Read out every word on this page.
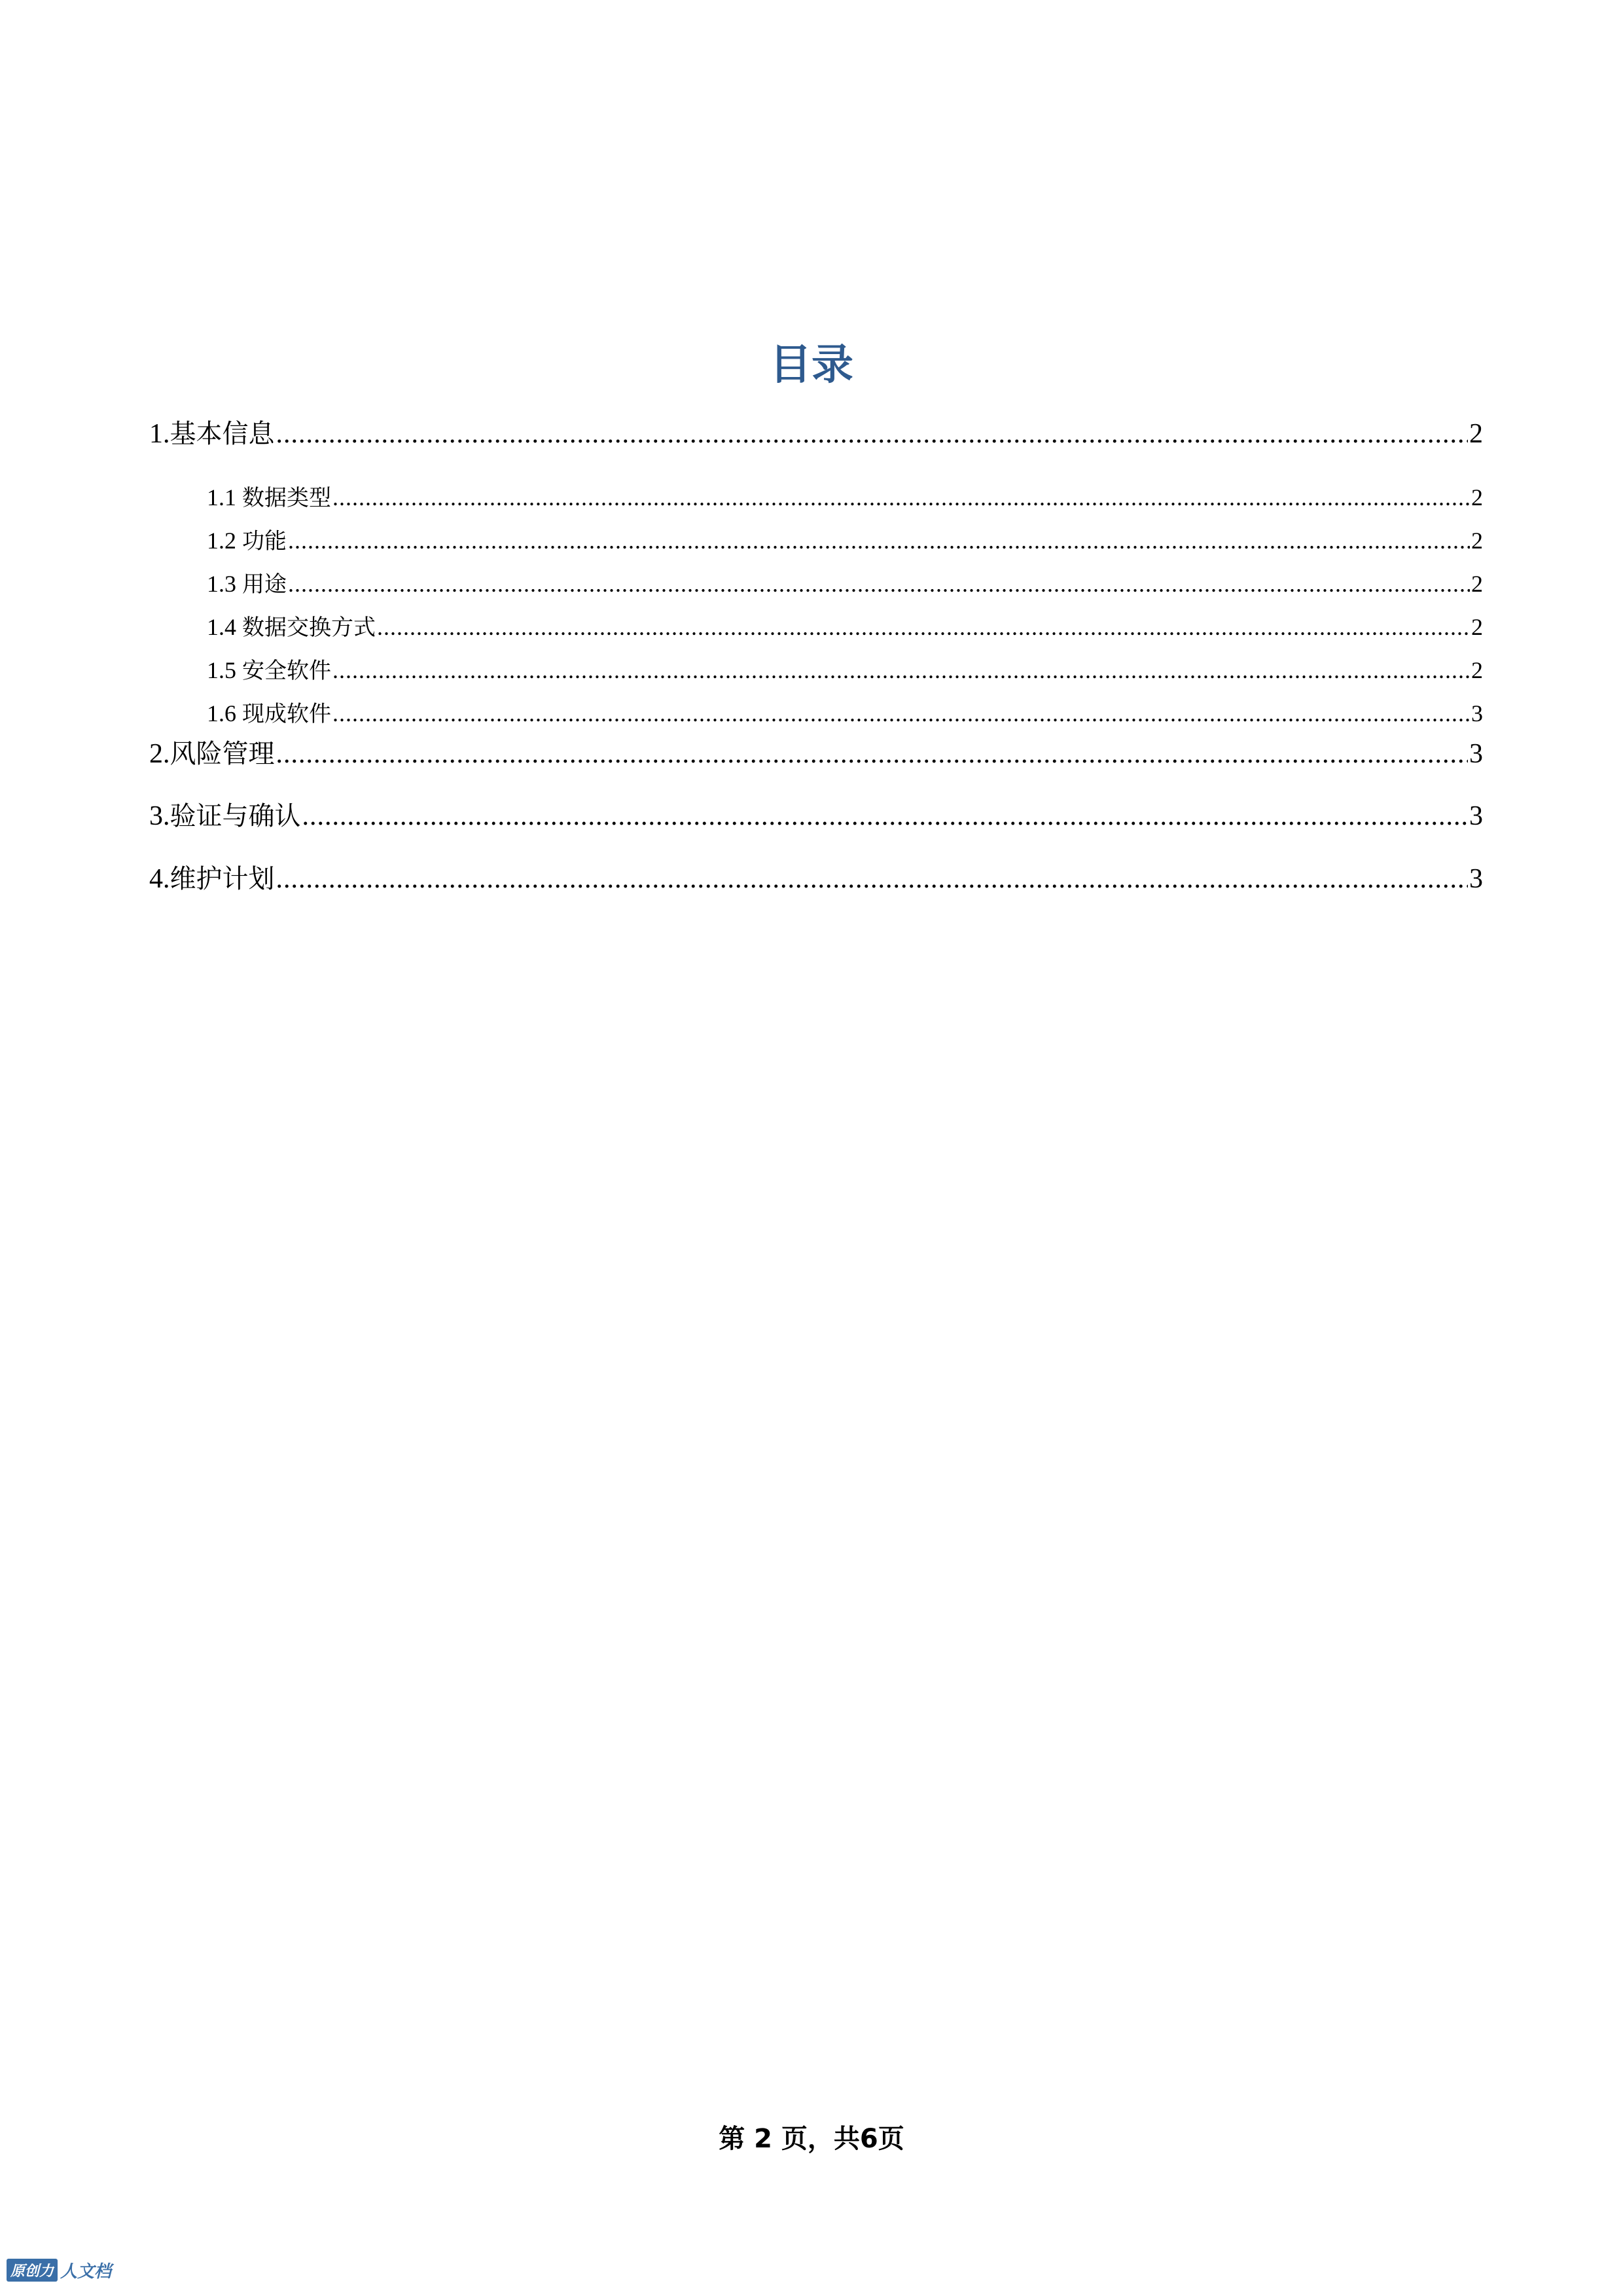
目录
1.基本信息 .....	2
1.1 数据类型 .....	2
1.2 功能 .....	2
1.3 用途 .....	2
1.4 数据交换方式 .....	2
1.5 安全软件 .....	2
1.6 现成软件 .....	3
2.风险管理 .....	3
3.验证与确认 .....	3
4.维护计划 .....	3
第 2 页，共6页
原创力 人文档
